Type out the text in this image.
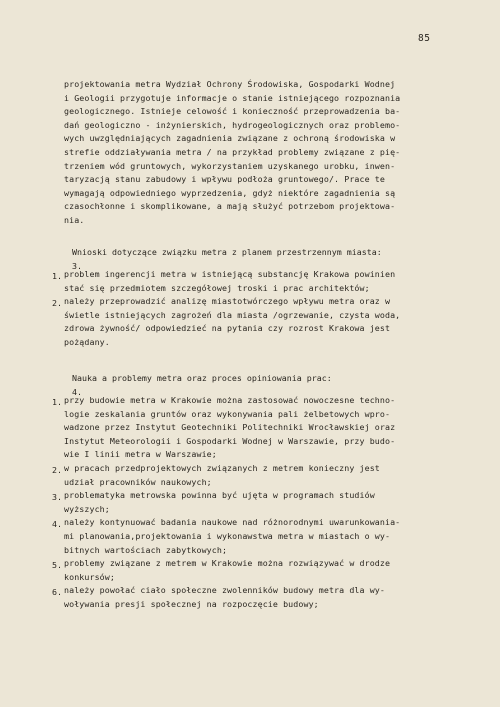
85
projektowania metra Wydział Ochrony Środowiska, Gospodarki Wodnej
i Geologii przygotuje informacje o stanie istniejącego rozpoznania
geologicznego. Istnieje celowość i konieczność przeprowadzenia ba-
dań geologiczno - inżynierskich, hydrogeologicznych oraz problemo-
wych uwzględniających zagadnienia związane z ochroną środowiska w
strefie oddziaływania metra / na przykład problemy związane z pię-
trzeniem wód gruntowych, wykorzystaniem uzyskanego urobku, inwen-
taryzacją stanu zabudowy i wpływu podłoża gruntowego/. Prace te
wymagają odpowiedniego wyprzedzenia, gdyż niektóre zagadnienia są
czasochłonne i skomplikowane, a mają służyć potrzebom projektowa-
nia.

3.

Wnioski dotyczące związku metra z planem przestrzennym miasta:

1. problem ingerencji metra w istniejącą substancję Krakowa powinien
stać się przedmiotem szczegółowej troski i prac architektów;
2. należy przeprowadzić analizę miastotwórczego wpływu metra oraz w
świetle istniejących zagrożeń dla miasta /ogrzewanie, czysta woda,
zdrowa żywność/ odpowiedzieć na pytania czy rozrost Krakowa jest
pożądany.

4.

Nauka a problemy metra oraz proces opiniowania prac:

1. przy budowie metra w Krakowie można zastosować nowoczesne techno-
logie zeskalania gruntów oraz wykonywania pali żelbetowych wpro-
wadzone przez Instytut Geotechniki Politechniki Wrocławskiej oraz
Instytut Meteorologii i Gospodarki Wodnej w Warszawie, przy budo-
wie I linii metra w Warszawie;
2. w pracach przedprojektowych związanych z metrem konieczny jest
udział pracowników naukowych;
3. problematyka metrowska powinna być ujęta w programach studiów
wyższych;
4. należy kontynuować badania naukowe nad różnorodnymi uwarunkowania-
mi planowania,projektowania i wykonawstwa metra w miastach o wy-
bitnych wartościach zabytkowych;
5. problemy związane z metrem w Krakowie można rozwiązywać w drodze
konkursów;
6. należy powołać ciało społeczne zwolenników budowy metra dla wy-
woływania presji społecznej na rozpoczęcie budowy;
